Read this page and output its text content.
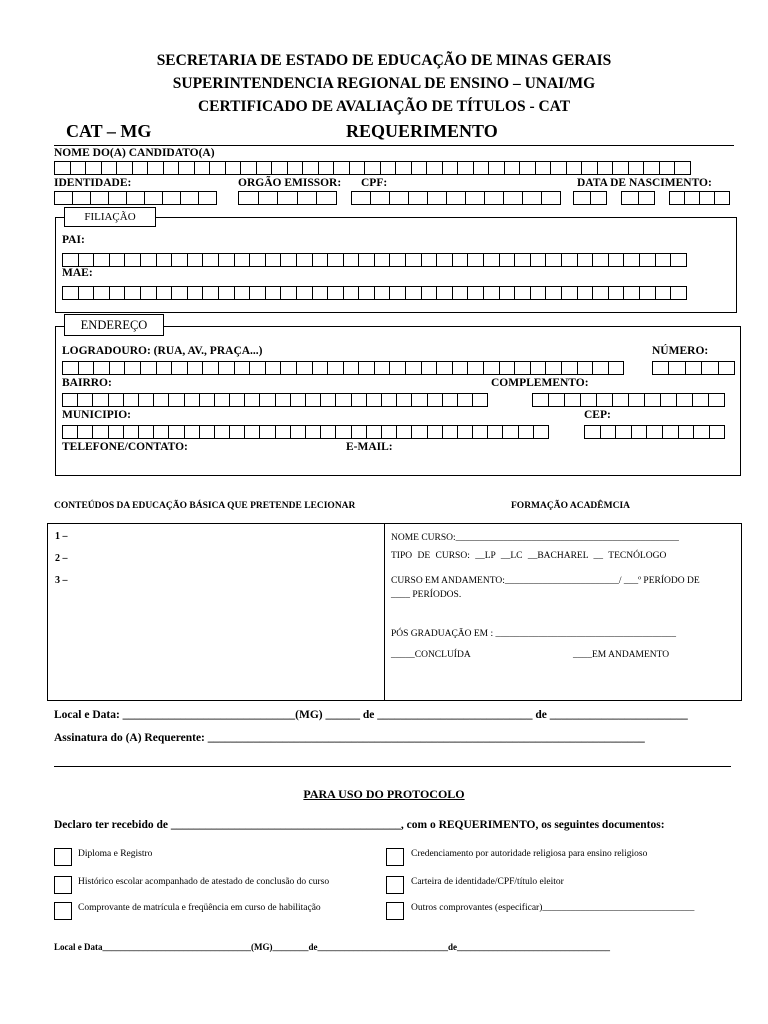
SECRETARIA DE ESTADO DE EDUCAÇÃO DE MINAS GERAIS
SUPERINTENDENCIA REGIONAL DE ENSINO – UNAI/MG
CERTIFICADO DE AVALIAÇÃO DE TÍTULOS - CAT
CAT – MG	REQUERIMENTO
NOME DO(A) CANDIDATO(A)
IDENTIDADE:	ORGÃO EMISSOR: CPF:	DATA DE NASCIMENTO:
FILIAÇÃO
PAI:
MAE:
ENDEREÇO
LOGRADOURO: (RUA, AV., PRAÇA...)	NÚMERO:
BAIRRO:	COMPLEMENTO:
MUNICIPIO:	CEP:
TELEFONE/CONTATO:	E-MAIL:
CONTEÚDOS DA EDUCAÇÃO BÁSICA QUE PRETENDE LECIONAR	FORMAÇÃO ACADÊMCIA
1 –
2 –
3 –
NOME CURSO:_______________________________________________
TIPO DE CURSO: __LP __LC __BACHAREL __ TECNÓLOGO
CURSO EM ANDAMENTO:________________________/ ___º PERÍODO DE
____ PERÍODOS.
PÓS GRADUAÇÃO EM : ______________________________________
_____CONCLUÍDA	____EM ANDAMENTO
Local e Data: ______________________________(MG) ______ de ___________________________ de ________________________
Assinatura do (A) Requerente: ____________________________________________________________________________
PARA USO DO PROTOCOLO
Declaro ter recebido de ________________________________________, com o REQUERIMENTO, os seguintes documentos:
Diploma e Registro
Histórico escolar acompanhado de atestado de conclusão do curso
Comprovante de matrícula e freqüência em curso de habilitação
Credenciamento por autoridade religiosa para ensino religioso
Carteira de identidade/CPF/título eleitor
Outros comprovantes (especificar)________________________________
Local e Data_________________________________(MG)________de_____________________________de__________________________________
